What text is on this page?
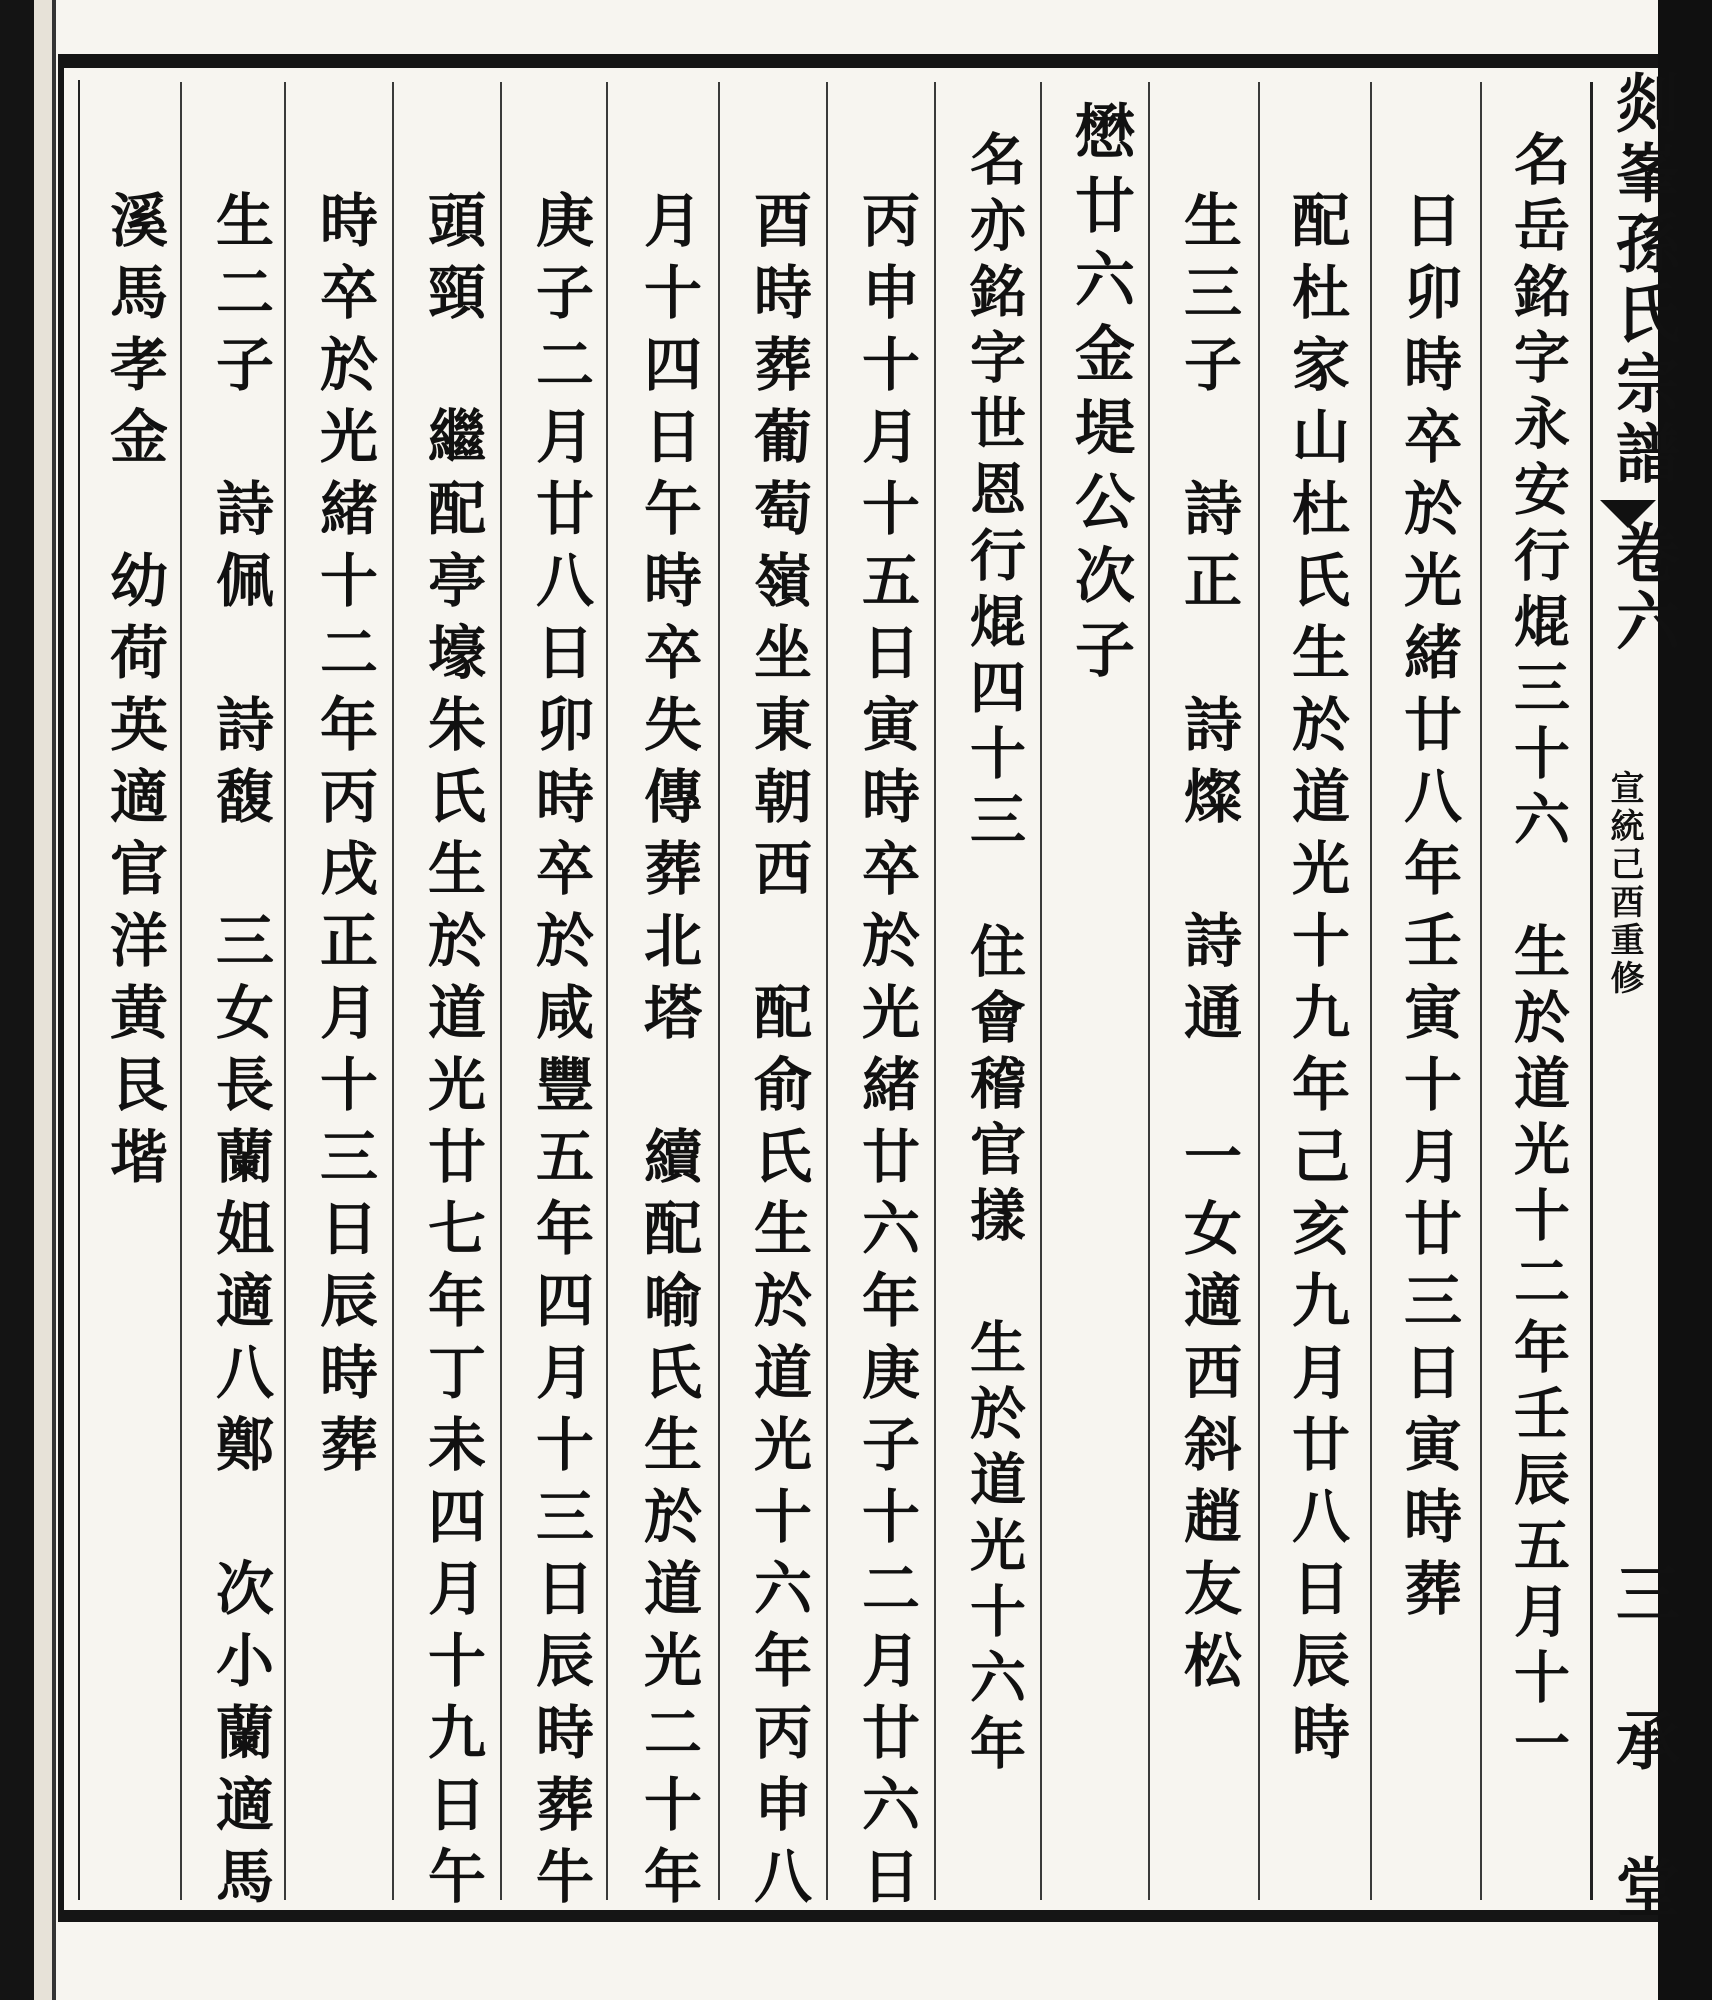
剡峯孫氏宗譜
卷六
宣統己酉重修
三 承 堂
名岳銘字永安行焜三十六　生於道光十二年壬辰五月十一
日卯時卒於光緒廿八年壬寅十月廿三日寅時葬
配杜家山杜氏生於道光十九年己亥九月廿八日辰時
生三子　詩正　詩燦　詩通　一女適西斜趙友松
懋廿六金堤公次子
名亦銘字世恩行焜四十三　住會稽官㨾　生於道光十六年
丙申十月十五日寅時卒於光緒廿六年庚子十二月廿六日
酉時葬葡萄嶺坐東朝西　配俞氏生於道光十六年丙申八
月十四日午時卒失傳葬北塔　續配喻氏生於道光二十年
庚子二月廿八日卯時卒於咸豐五年四月十三日辰時葬牛
頭頸　繼配亭壕朱氏生於道光廿七年丁未四月十九日午
時卒於光緒十二年丙戌正月十三日辰時葬
生二子　詩佩　詩馥　三女長蘭姐適八鄭　次小蘭適馬
溪馬孝金　幼荷英適官洋黄艮堦
